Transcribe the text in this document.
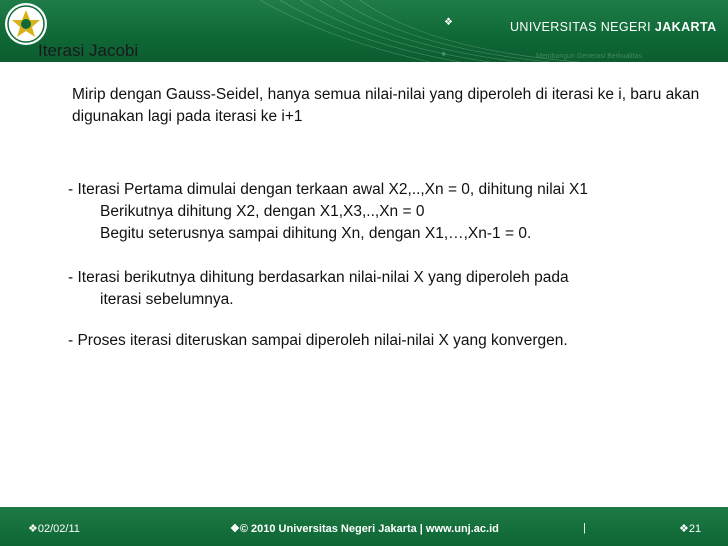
❖	UNIVERSITAS NEGERI JAKARTA
❖	Membangun Generasi Berkualitas
Iterasi Jacobi
Mirip dengan Gauss-Seidel, hanya semua nilai-nilai yang diperoleh di iterasi ke i, baru akan digunakan lagi pada iterasi ke i+1
- Iterasi Pertama dimulai dengan terkaan awal X2,..,Xn = 0, dihitung nilai X1
Berikutnya dihitung X2, dengan X1,X3,..,Xn = 0
Begitu seterusnya sampai dihitung Xn, dengan X1,…,Xn-1 = 0.
- Iterasi berikutnya dihitung berdasarkan nilai-nilai X yang diperoleh pada
iterasi sebelumnya.
- Proses iterasi diteruskan sampai diperoleh nilai-nilai X yang konvergen.
❖02/02/11	❖© 2010 Universitas Negeri Jakarta | www.unj.ac.id	|	❖21
